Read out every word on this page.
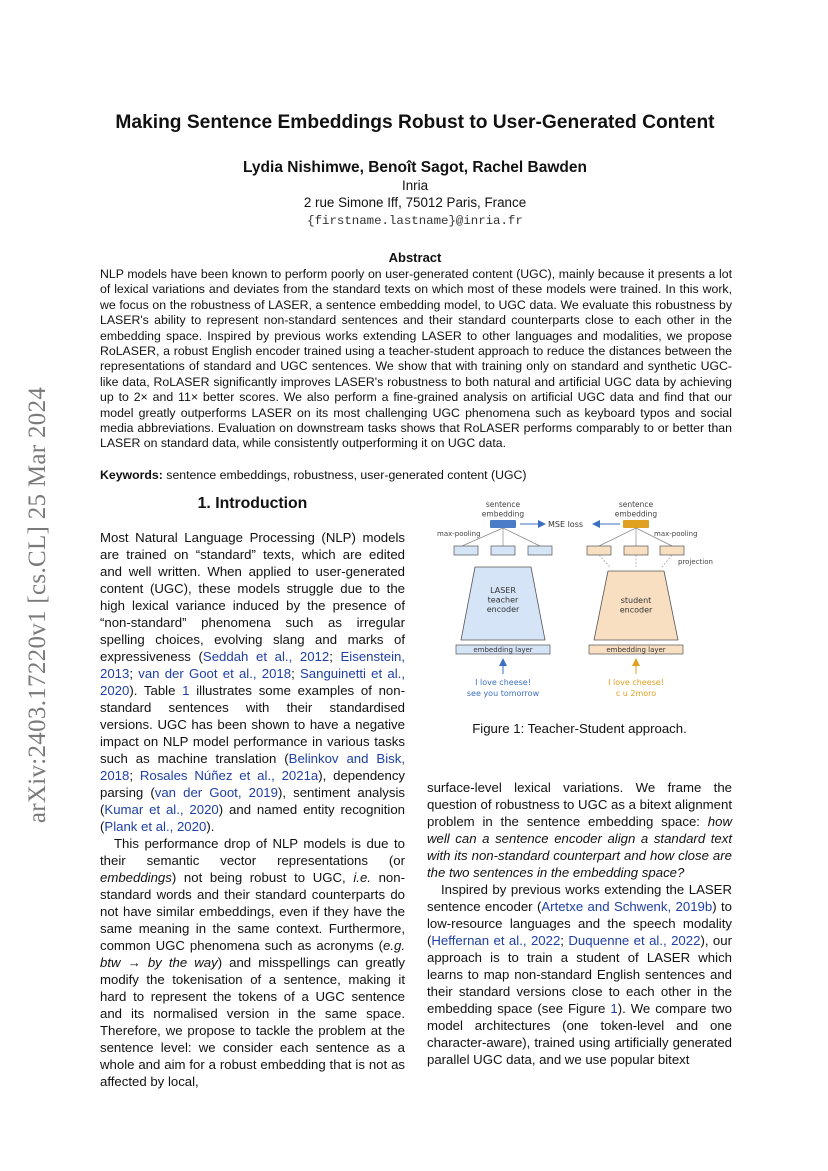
arXiv:2403.17220v1 [cs.CL] 25 Mar 2024
Making Sentence Embeddings Robust to User-Generated Content
Lydia Nishimwe, Benoît Sagot, Rachel Bawden
Inria
2 rue Simone Iff, 75012 Paris, France
{firstname.lastname}@inria.fr
Abstract

NLP models have been known to perform poorly on user-generated content (UGC), mainly because it presents a lot of lexical variations and deviates from the standard texts on which most of these models were trained. In this work, we focus on the robustness of LASER, a sentence embedding model, to UGC data. We evaluate this robustness by LASER's ability to represent non-standard sentences and their standard counterparts close to each other in the embedding space. Inspired by previous works extending LASER to other languages and modalities, we propose RoLASER, a robust English encoder trained using a teacher-student approach to reduce the distances between the representations of standard and UGC sentences. We show that with training only on standard and synthetic UGC-like data, RoLASER significantly improves LASER's robustness to both natural and artificial UGC data by achieving up to 2× and 11× better scores. We also perform a fine-grained analysis on artificial UGC data and find that our model greatly outperforms LASER on its most challenging UGC phenomena such as keyboard typos and social media abbreviations. Evaluation on downstream tasks shows that RoLASER performs comparably to or better than LASER on standard data, while consistently outperforming it on UGC data.

Keywords: sentence embeddings, robustness, user-generated content (UGC)

1. Introduction

Most Natural Language Processing (NLP) models are trained on “standard” texts, which are edited and well written. When applied to user-generated content (UGC), these models struggle due to the high lexical variance induced by the presence of “non-standard” phenomena such as irregular spelling choices, evolving slang and marks of expressiveness (Seddah et al., 2012; Eisenstein, 2013; van der Goot et al., 2018; Sanguinetti et al., 2020). Table 1 illustrates some examples of non-standard sentences with their standardised versions. UGC has been shown to have a negative impact on NLP model performance in various tasks such as machine translation (Belinkov and Bisk, 2018; Rosales Núñez et al., 2021a), dependency parsing (van der Goot, 2019), sentiment analysis (Kumar et al., 2020) and named entity recognition (Plank et al., 2020).

This performance drop of NLP models is due to their semantic vector representations (or embeddings) not being robust to UGC, i.e. non-standard words and their standard counterparts do not have similar embeddings, even if they have the same meaning in the same context. Furthermore, common UGC phenomena such as acronyms (e.g. btw → by the way) and misspellings can greatly modify the tokenisation of a sentence, making it hard to represent the tokens of a UGC sentence and its normalised version in the same space. Therefore, we propose to tackle the problem at the sentence level: we consider each sentence as a whole and aim for a robust embedding that is not as affected by local,

sentence embedding
max-pooling
LASER teacher encoder
embedding layer
I love cheese!
see you tomorrow
MSE loss
sentence embedding
max-pooling
projection
student encoder
embedding layer
I love cheese!
c u 2moro

Figure 1: Teacher-Student approach.

surface-level lexical variations. We frame the question of robustness to UGC as a bitext alignment problem in the sentence embedding space: how well can a sentence encoder align a standard text with its non-standard counterpart and how close are the two sentences in the embedding space?

Inspired by previous works extending the LASER sentence encoder (Artetxe and Schwenk, 2019b) to low-resource languages and the speech modality (Heffernan et al., 2022; Duquenne et al., 2022), our approach is to train a student of LASER which learns to map non-standard English sentences and their standard versions close to each other in the embedding space (see Figure 1). We compare two model architectures (one token-level and one character-aware), trained using artificially generated parallel UGC data, and we use popular bitext
